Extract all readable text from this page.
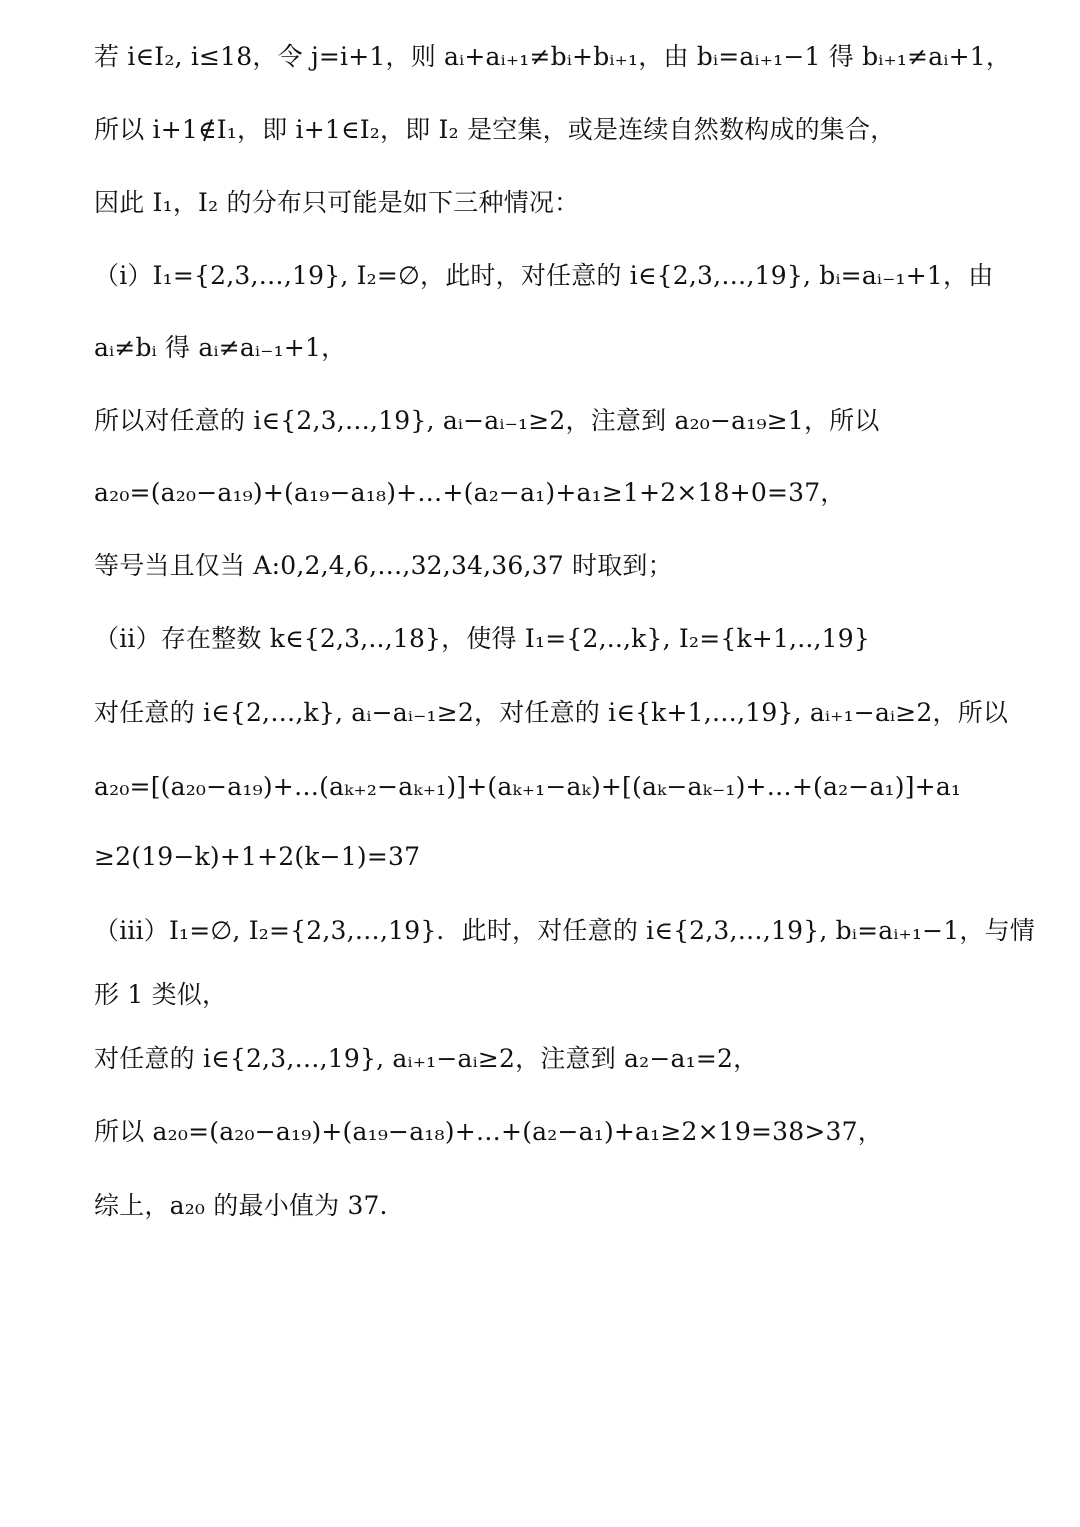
若 i∈I₂, i≤18，令 j=i+1，则 aᵢ+aᵢ₊₁≠bᵢ+bᵢ₊₁，由 bᵢ=aᵢ₊₁−1 得 bᵢ₊₁≠aᵢ+1，
所以 i+1∉I₁，即 i+1∈I₂，即 I₂ 是空集，或是连续自然数构成的集合，
因此 I₁，I₂ 的分布只可能是如下三种情况：
（i）I₁={2,3,…,19}, I₂=∅，此时，对任意的 i∈{2,3,…,19}, bᵢ=aᵢ₋₁+1，由
aᵢ≠bᵢ 得 aᵢ≠aᵢ₋₁+1，
所以对任意的 i∈{2,3,…,19}, aᵢ−aᵢ₋₁≥2，注意到 a₂₀−a₁₉≥1，所以
a₂₀=(a₂₀−a₁₉)+(a₁₉−a₁₈)+…+(a₂−a₁)+a₁≥1+2×18+0=37，
等号当且仅当 A:0,2,4,6,…,32,34,36,37 时取到；
（ii）存在整数 k∈{2,3,..,18}，使得 I₁={2,..,k}, I₂={k+1,..,19}
对任意的 i∈{2,…,k}, aᵢ−aᵢ₋₁≥2，对任意的 i∈{k+1,…,19}, aᵢ₊₁−aᵢ≥2，所以
a₂₀=[(a₂₀−a₁₉)+…(aₖ₊₂−aₖ₊₁)]+(aₖ₊₁−aₖ)+[(aₖ−aₖ₋₁)+…+(a₂−a₁)]+a₁
≥2(19−k)+1+2(k−1)=37
（iii）I₁=∅, I₂={2,3,…,19}．此时，对任意的 i∈{2,3,…,19}, bᵢ=aᵢ₊₁−1，与情
形 1 类似，
对任意的 i∈{2,3,…,19}, aᵢ₊₁−aᵢ≥2，注意到 a₂−a₁=2，
所以 a₂₀=(a₂₀−a₁₉)+(a₁₉−a₁₈)+…+(a₂−a₁)+a₁≥2×19=38>37，
综上，a₂₀ 的最小值为 37．
